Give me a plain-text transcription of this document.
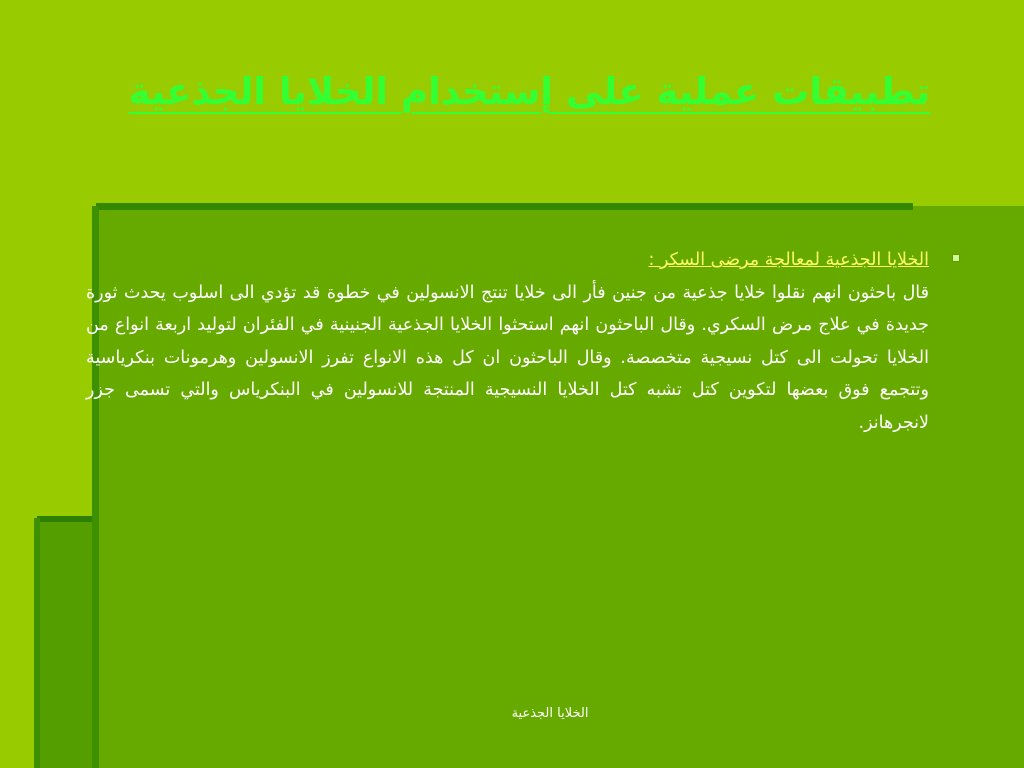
تطبيقات عملية على إستخدام الخلايا الجذعية

الخلايا الجذعية لمعالجة مرضى السكر :

قال باحثون انهم نقلوا خلايا جذعية من جنين فأر الى خلايا تنتج الانسولين في خطوة قد تؤدي الى اسلوب يحدث ثورة جديدة في علاج مرض السكري. وقال الباحثون انهم استحثوا الخلايا الجذعية الجنينية في الفئران لتوليد اربعة انواع من الخلايا تحولت الى كتل نسيجية متخصصة. وقال الباحثون ان كل هذه الانواع تفرز الانسولين وهرمونات بنكرياسية وتتجمع فوق بعضها لتكوين كتل تشبه كتل الخلايا النسيجية المنتجة للانسولين في البنكرياس والتي تسمى جزر لانجرهانز.

الخلايا الجذعية
